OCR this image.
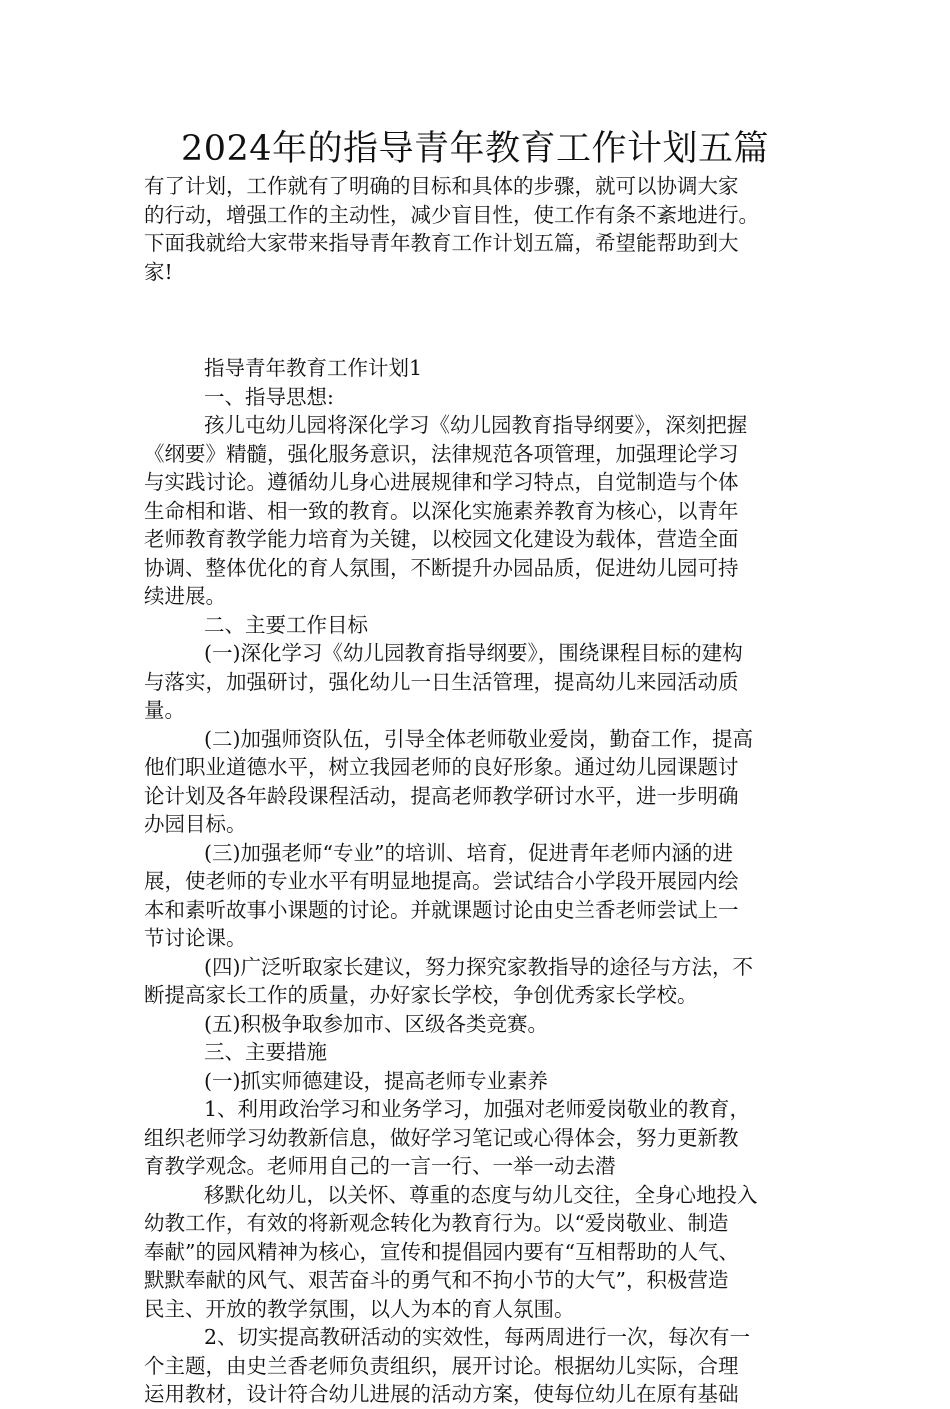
2024年的指导青年教育工作计划五篇
有了计划，工作就有了明确的目标和具体的步骤，就可以协调大家
的行动，增强工作的主动性，减少盲目性，使工作有条不紊地进行。
下面我就给大家带来指导青年教育工作计划五篇，希望能帮助到大
家!
指导青年教育工作计划1
一、指导思想:
孩儿屯幼儿园将深化学习《幼儿园教育指导纲要》，深刻把握
《纲要》精髓，强化服务意识，法律规范各项管理，加强理论学习
与实践讨论。遵循幼儿身心进展规律和学习特点，自觉制造与个体
生命相和谐、相一致的教育。以深化实施素养教育为核心，以青年
老师教育教学能力培育为关键，以校园文化建设为载体，营造全面
协调、整体优化的育人氛围，不断提升办园品质，促进幼儿园可持
续进展。
二、主要工作目标
(一)深化学习《幼儿园教育指导纲要》，围绕课程目标的建构
与落实，加强研讨，强化幼儿一日生活管理，提高幼儿来园活动质
量。
(二)加强师资队伍，引导全体老师敬业爱岗，勤奋工作，提高
他们职业道德水平，树立我园老师的良好形象。通过幼儿园课题讨
论计划及各年龄段课程活动，提高老师教学研讨水平，进一步明确
办园目标。
(三)加强老师“专业”的培训、培育，促进青年老师内涵的进
展，使老师的专业水平有明显地提高。尝试结合小学段开展园内绘
本和素听故事小课题的讨论。并就课题讨论由史兰香老师尝试上一
节讨论课。
(四)广泛听取家长建议，努力探究家教指导的途径与方法，不
断提高家长工作的质量，办好家长学校，争创优秀家长学校。
(五)积极争取参加市、区级各类竞赛。
三、主要措施
(一)抓实师德建设，提高老师专业素养
1、利用政治学习和业务学习，加强对老师爱岗敬业的教育，
组织老师学习幼教新信息，做好学习笔记或心得体会，努力更新教
育教学观念。老师用自己的一言一行、一举一动去潜
移默化幼儿，以关怀、尊重的态度与幼儿交往，全身心地投入
幼教工作，有效的将新观念转化为教育行为。以“爱岗敬业、制造
奉献”的园风精神为核心，宣传和提倡园内要有“互相帮助的人气、
默默奉献的风气、艰苦奋斗的勇气和不拘小节的大气”，积极营造
民主、开放的教学氛围，以人为本的育人氛围。
2、切实提高教研活动的实效性，每两周进行一次，每次有一
个主题，由史兰香老师负责组织，展开讨论。根据幼儿实际，合理
运用教材，设计符合幼儿进展的活动方案，使每位幼儿在原有基础
